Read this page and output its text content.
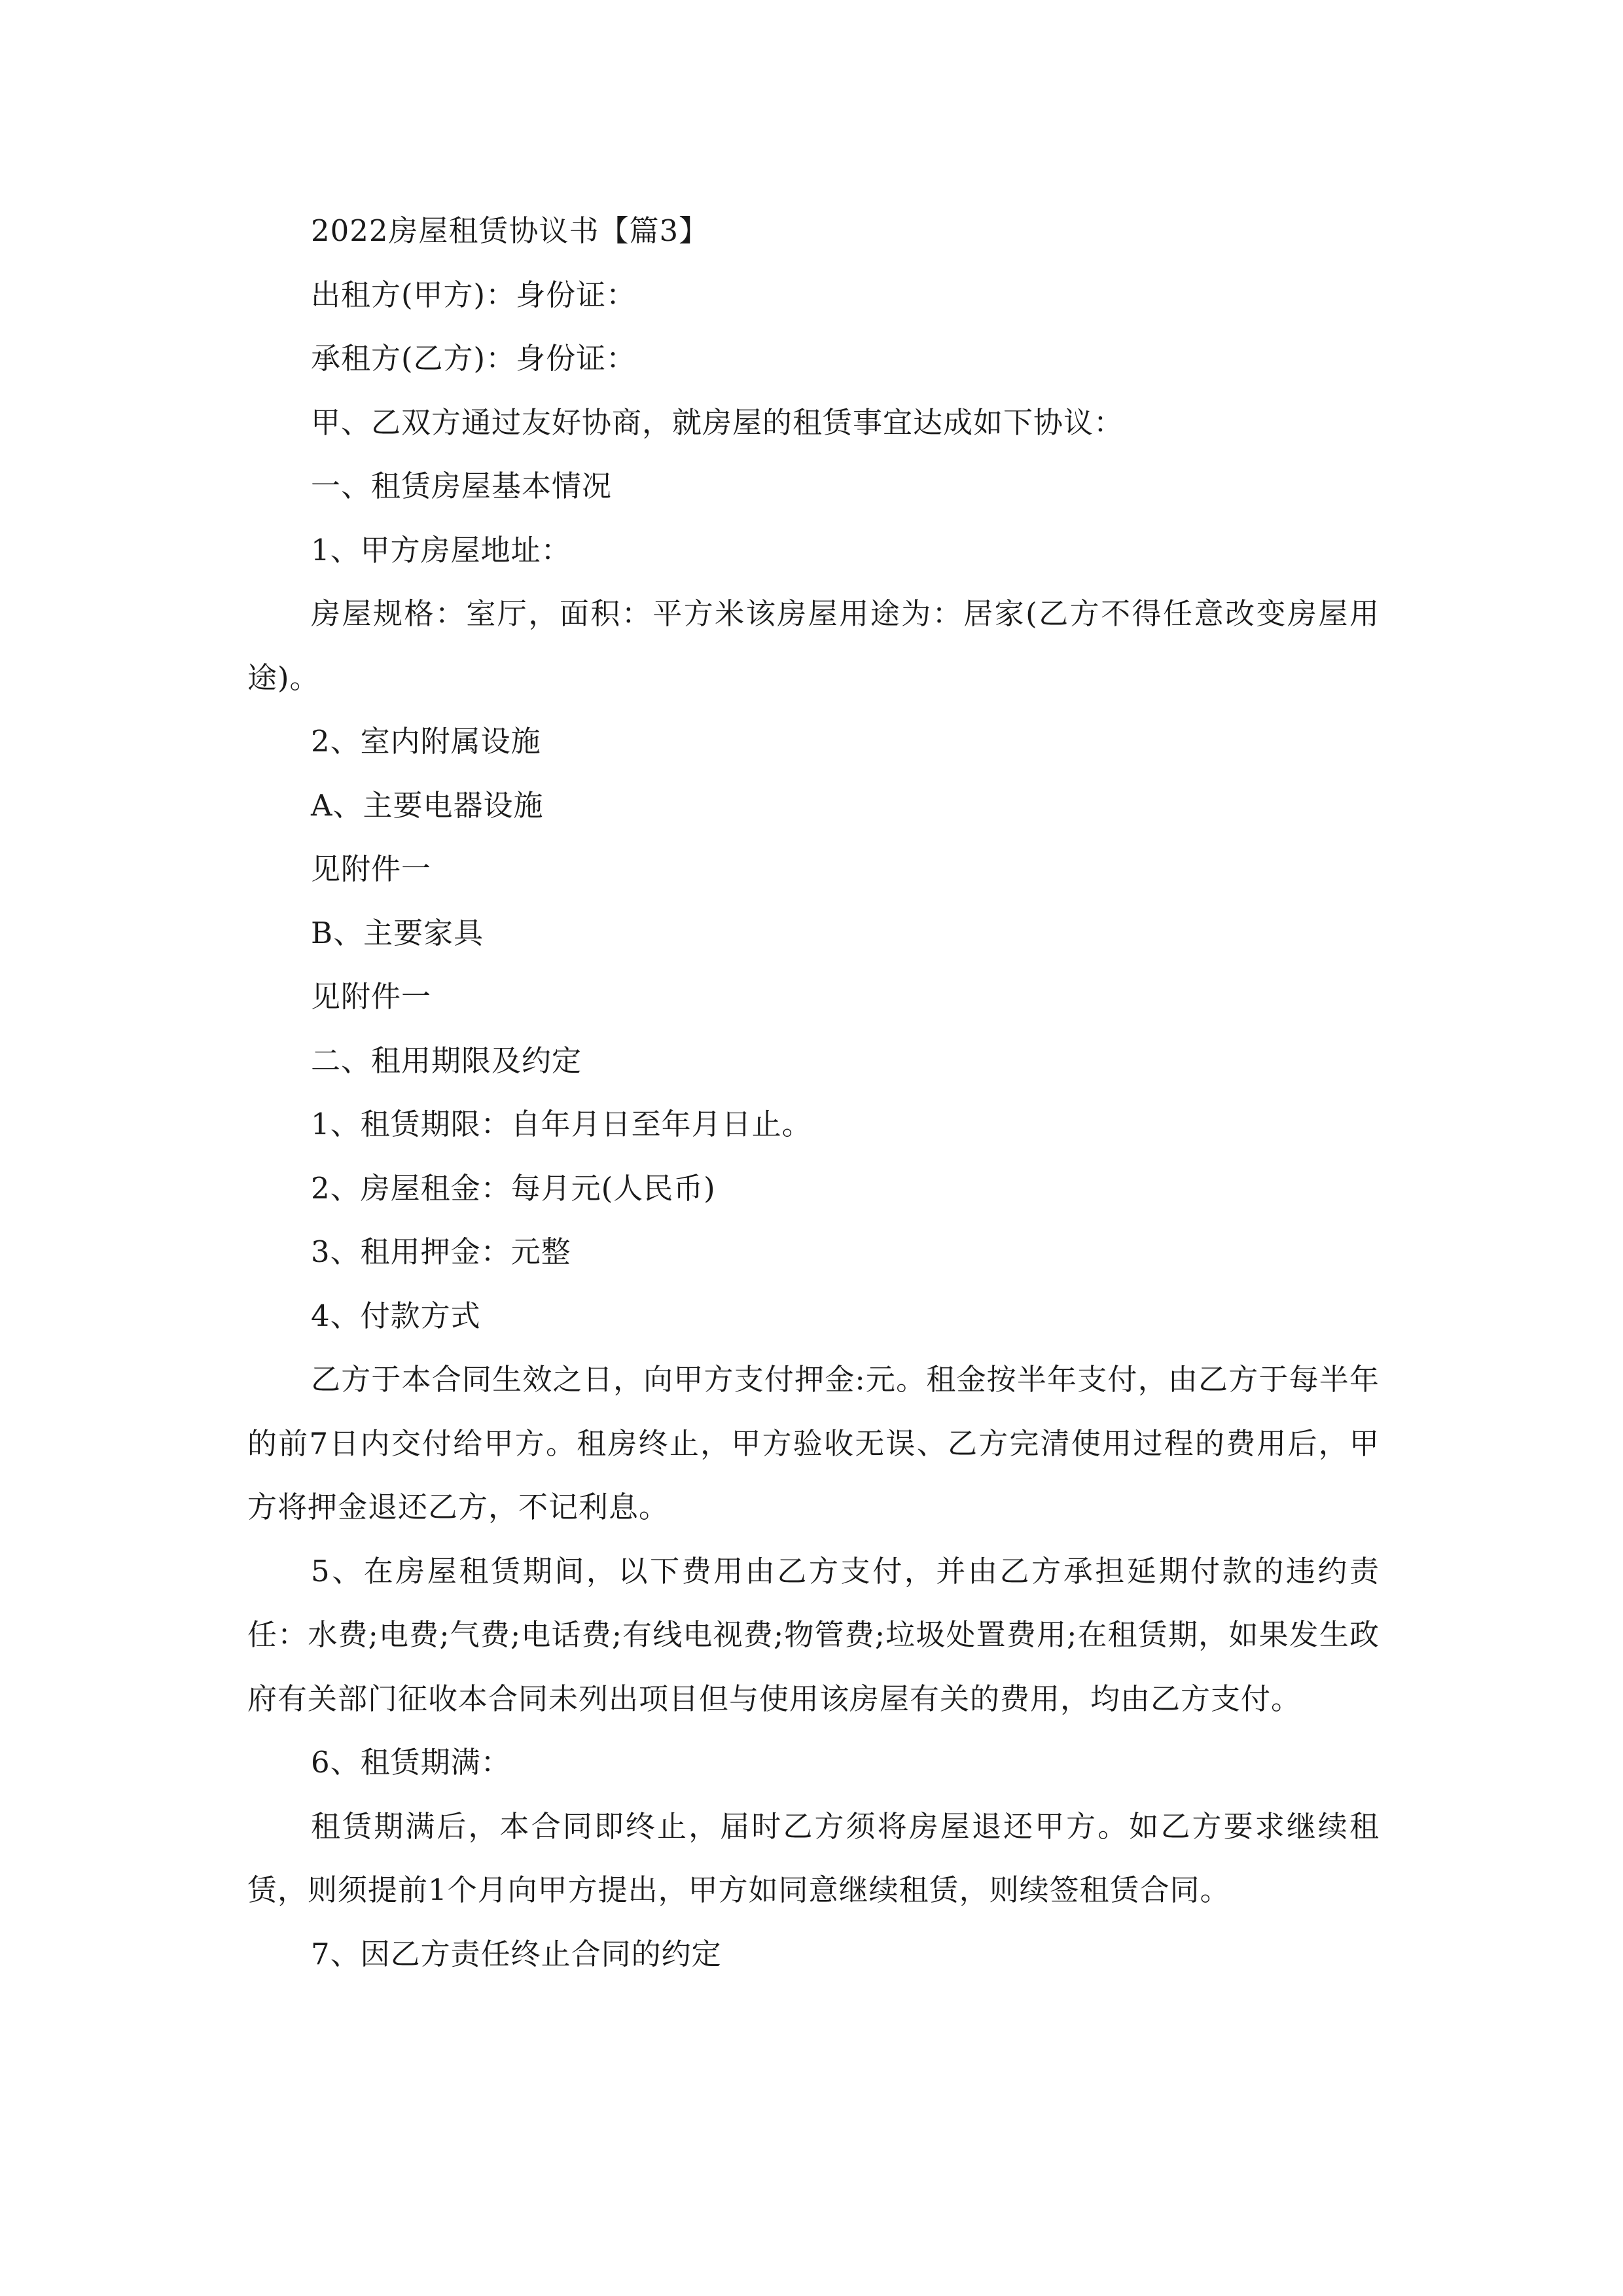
2022房屋租赁协议书【篇3】

出租方(甲方)：身份证：

承租方(乙方)：身份证：

甲、乙双方通过友好协商，就房屋的租赁事宜达成如下协议：

一、租赁房屋基本情况

1、甲方房屋地址：

房屋规格：室厅，面积：平方米该房屋用途为：居家(乙方不得任意改变房屋用途)。

2、室内附属设施

A、主要电器设施

见附件一

B、主要家具

见附件一

二、租用期限及约定

1、租赁期限：自年月日至年月日止。

2、房屋租金：每月元(人民币)

3、租用押金：元整

4、付款方式

乙方于本合同生效之日，向甲方支付押金:元。租金按半年支付，由乙方于每半年的前7日内交付给甲方。租房终止，甲方验收无误、乙方完清使用过程的费用后，甲方将押金退还乙方，不记利息。

5、在房屋租赁期间，以下费用由乙方支付，并由乙方承担延期付款的违约责任：水费;电费;气费;电话费;有线电视费;物管费;垃圾处置费用;在租赁期，如果发生政府有关部门征收本合同未列出项目但与使用该房屋有关的费用，均由乙方支付。

6、租赁期满：

租赁期满后，本合同即终止，届时乙方须将房屋退还甲方。如乙方要求继续租赁，则须提前1个月向甲方提出，甲方如同意继续租赁，则续签租赁合同。

7、因乙方责任终止合同的约定
